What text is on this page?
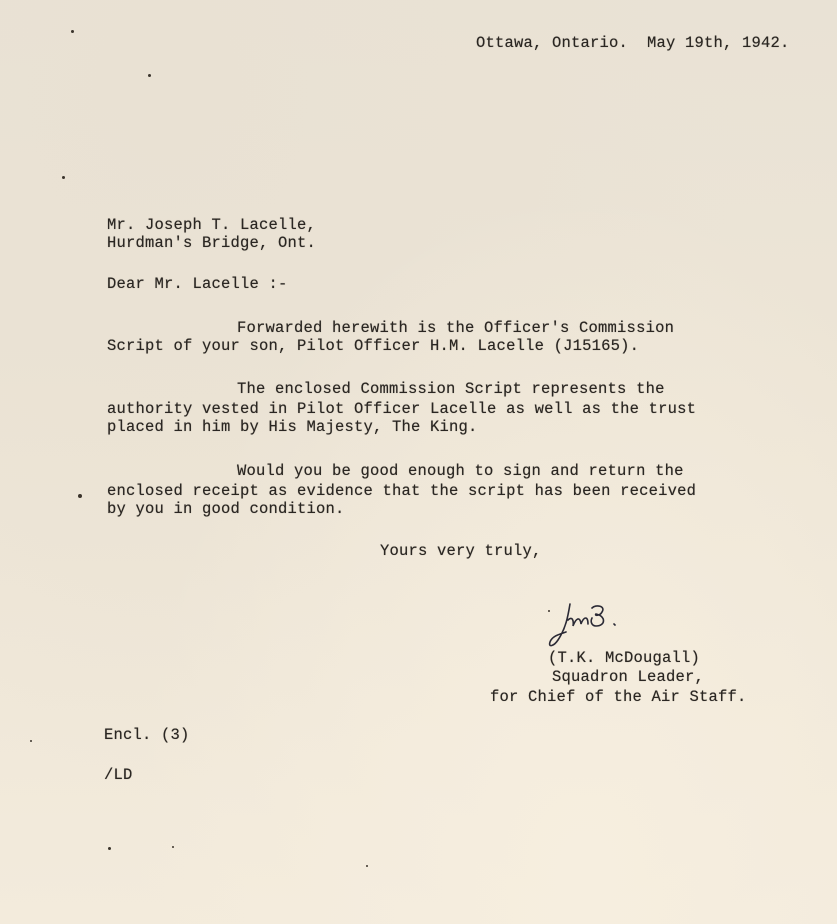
Ottawa, Ontario.  May 19th, 1942.
Mr. Joseph T. Lacelle,
Hurdman's Bridge, Ont.
Dear Mr. Lacelle :-
Forwarded herewith is the Officer's Commission
Script of your son, Pilot Officer H.M. Lacelle (J15165).
The enclosed Commission Script represents the
authority vested in Pilot Officer Lacelle as well as the trust
placed in him by His Majesty, The King.
Would you be good enough to sign and return the
enclosed receipt as evidence that the script has been received
by you in good condition.
Yours very truly,
(T.K. McDougall)
Squadron Leader,
for Chief of the Air Staff.
Encl. (3)
/LD
